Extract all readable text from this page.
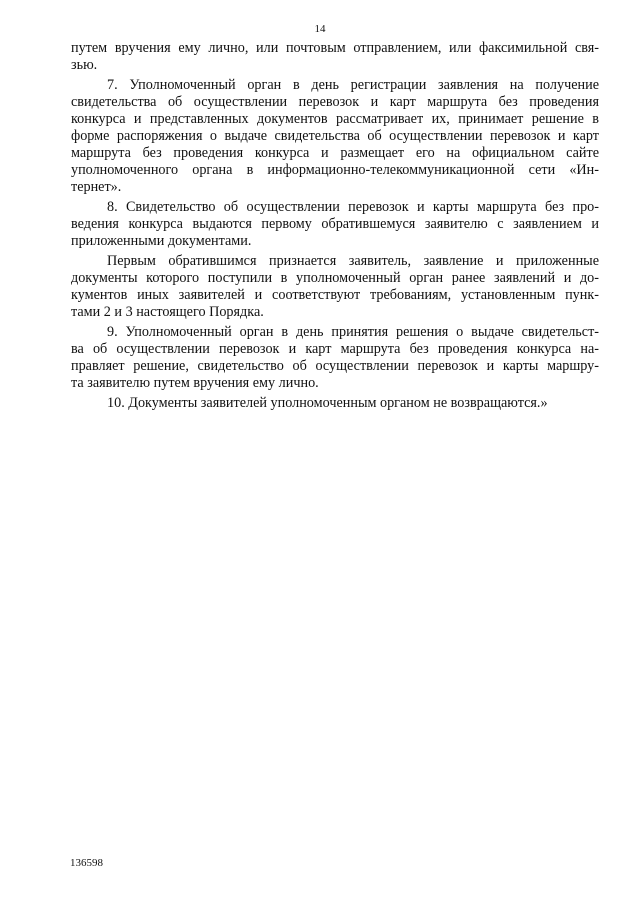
14
путем вручения ему лично, или почтовым отправлением, или факсимильной свя-
зью.
7. Уполномоченный орган в день регистрации заявления на получение
свидетельства об осуществлении перевозок и карт маршрута без проведения
конкурса и представленных документов рассматривает их, принимает решение в
форме распоряжения о выдаче свидетельства об осуществлении перевозок и карт
маршрута без проведения конкурса и размещает его на официальном сайте
уполномоченного органа в информационно-телекоммуникационной сети «Ин-
тернет».
8. Свидетельство об осуществлении перевозок и карты маршрута без про-
ведения конкурса выдаются первому обратившемуся заявителю с заявлением и
приложенными документами.
Первым обратившимся признается заявитель, заявление и приложенные
документы которого поступили в уполномоченный орган ранее заявлений и до-
кументов иных заявителей и соответствуют требованиям, установленным пунк-
тами 2 и 3 настоящего Порядка.
9. Уполномоченный орган в день принятия решения о выдаче свидетельст-
ва об осуществлении перевозок и карт маршрута без проведения конкурса на-
правляет решение, свидетельство об осуществлении перевозок и карты маршру-
та заявителю путем вручения ему лично.
10. Документы заявителей уполномоченным органом не возвращаются.»
136598
